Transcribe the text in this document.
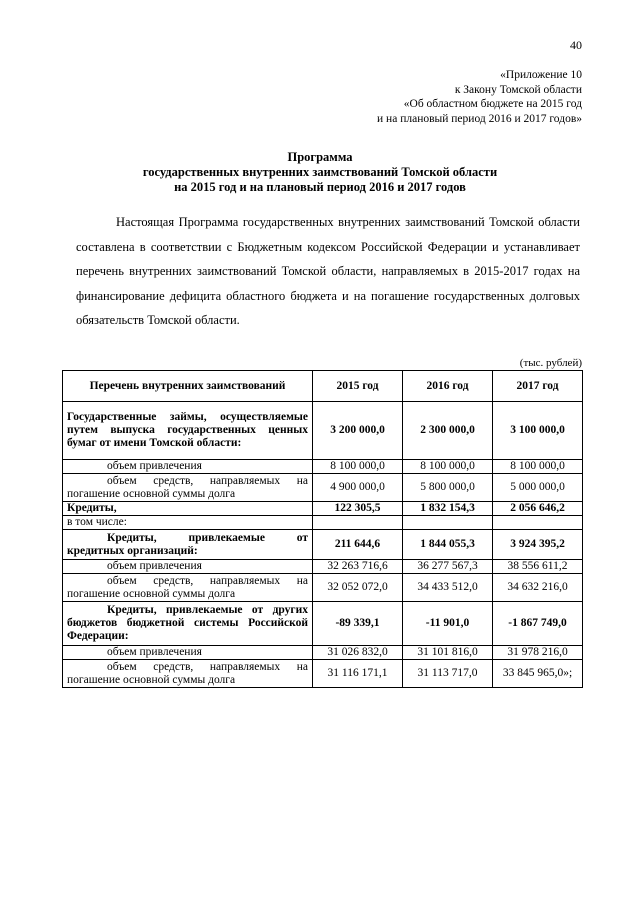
40
«Приложение 10
к Закону Томской области
«Об областном бюджете на 2015 год
и на плановый период 2016 и 2017 годов»
Программа
государственных внутренних заимствований Томской области
на 2015 год и на плановый период 2016 и 2017 годов

Настоящая Программа государственных внутренних заимствований Томской области составлена в соответствии с Бюджетным кодексом Российской Федерации и устанавливает перечень внутренних заимствований Томской области, направляемых в 2015-2017 годах на финансирование дефицита областного бюджета и на погашение государственных долговых обязательств Томской области.

(тыс. рублей)
Перечень внутренних заимствований	2015 год	2016 год	2017 год
Государственные займы, осуществляемые путем выпуска государственных ценных бумаг от имени Томской области:	3 200 000,0	2 300 000,0	3 100 000,0
объем привлечения	8 100 000,0	8 100 000,0	8 100 000,0
объем средств, направляемых на погашение основной суммы долга	4 900 000,0	5 800 000,0	5 000 000,0
Кредиты,	122 305,5	1 832 154,3	2 056 646,2
в том числе:			
Кредиты, привлекаемые от кредитных организаций:	211 644,6	1 844 055,3	3 924 395,2
объем привлечения	32 263 716,6	36 277 567,3	38 556 611,2
объем средств, направляемых на погашение основной суммы долга	32 052 072,0	34 433 512,0	34 632 216,0
Кредиты, привлекаемые от других бюджетов бюджетной системы Российской Федерации:	-89 339,1	-11 901,0	-1 867 749,0
объем привлечения	31 026 832,0	31 101 816,0	31 978 216,0
объем средств, направляемых на погашение основной суммы долга	31 116 171,1	31 113 717,0	33 845 965,0»;
